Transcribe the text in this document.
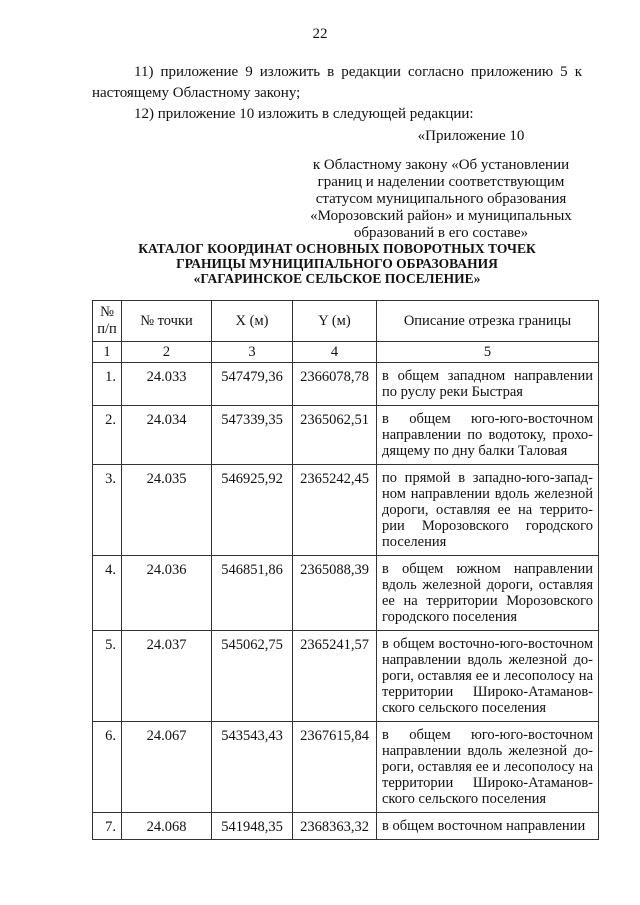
22
11) приложение 9 изложить в редакции согласно приложению 5 к настоящему Областному закону;
12) приложение 10 изложить в следующей редакции:
«Приложение 10
к Областному закону «Об установлении
границ и наделении соответствующим
статусом муниципального образования
«Морозовский район» и муниципальных
образований в его составе»
КАТАЛОГ КООРДИНАТ ОСНОВНЫХ ПОВОРОТНЫХ ТОЧЕК
ГРАНИЦЫ МУНИЦИПАЛЬНОГО ОБРАЗОВАНИЯ
«ГАГАРИНСКОЕ СЕЛЬСКОЕ ПОСЕЛЕНИЕ»
№
п/п	№ точки	X (м)	Y (м)	Описание отрезка границы
1	2	3	4	5
1.	24.033	547479,36	2366078,78	в общем западном направлении
по руслу реки Быстрая

2.	24.034	547339,35	2365062,51	в общем юго-юго-восточном
направлении по водотоку, прохо-
дящему по дну балки Таловая

3.	24.035	546925,92	2365242,45	по прямой в западно-юго-запад-
ном направлении вдоль железной
дороги, оставляя ее на террито-
рии Морозовского городского
поселения

4.	24.036	546851,86	2365088,39	в общем южном направлении
вдоль железной дороги, оставляя
ее на территории Морозовского
городского поселения

5.	24.037	545062,75	2365241,57	в общем восточно-юго-восточном
направлении вдоль железной до-
роги, оставляя ее и лесополосу на
территории Широко-Атаманов-
ского сельского поселения

6.	24.067	543543,43	2367615,84	в общем юго-юго-восточном
направлении вдоль железной до-
роги, оставляя ее и лесополосу на
территории Широко-Атаманов-
ского сельского поселения

7.	24.068	541948,35	2368363,32	в общем восточном направлении
